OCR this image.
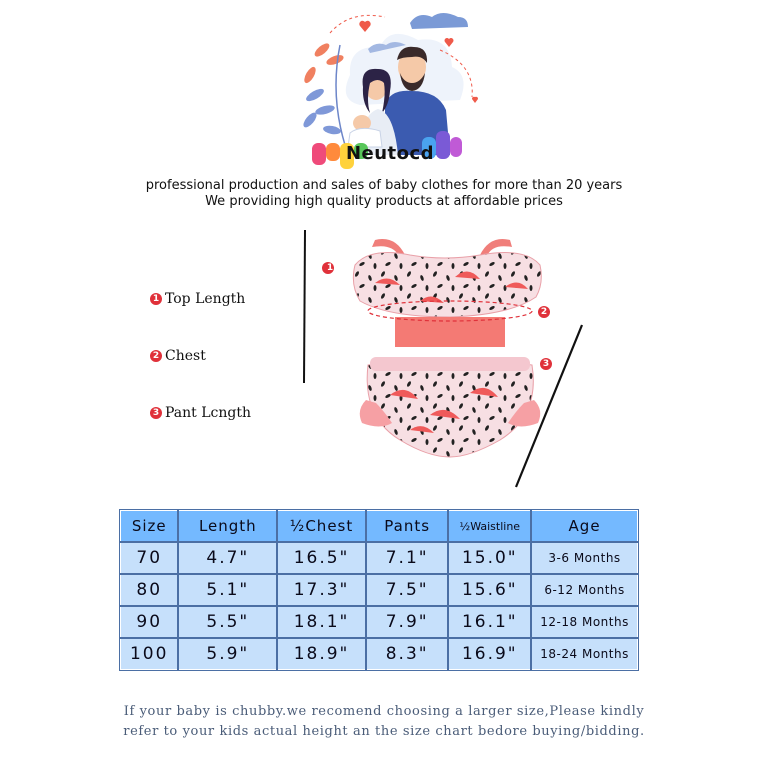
Neutocd
professional production and sales of baby clothes for more than 20 years
We providing high quality products at affordable prices
1 Top Length
2 Chest
3 Pant Lcngth
1
2
3
Size	Length	½Chest	Pants	½Waistline	Age
70	4.7"	16.5"	7.1"	15.0"	3-6 Months
80	5.1"	17.3"	7.5"	15.6"	6-12 Months
90	5.5"	18.1"	7.9"	16.1"	12-18 Months
100	5.9"	18.9"	8.3"	16.9"	18-24 Months
If your baby is chubby.we recomend choosing a larger size,Please kindly
refer to your kids actual height an the size chart bedore buying/bidding.
